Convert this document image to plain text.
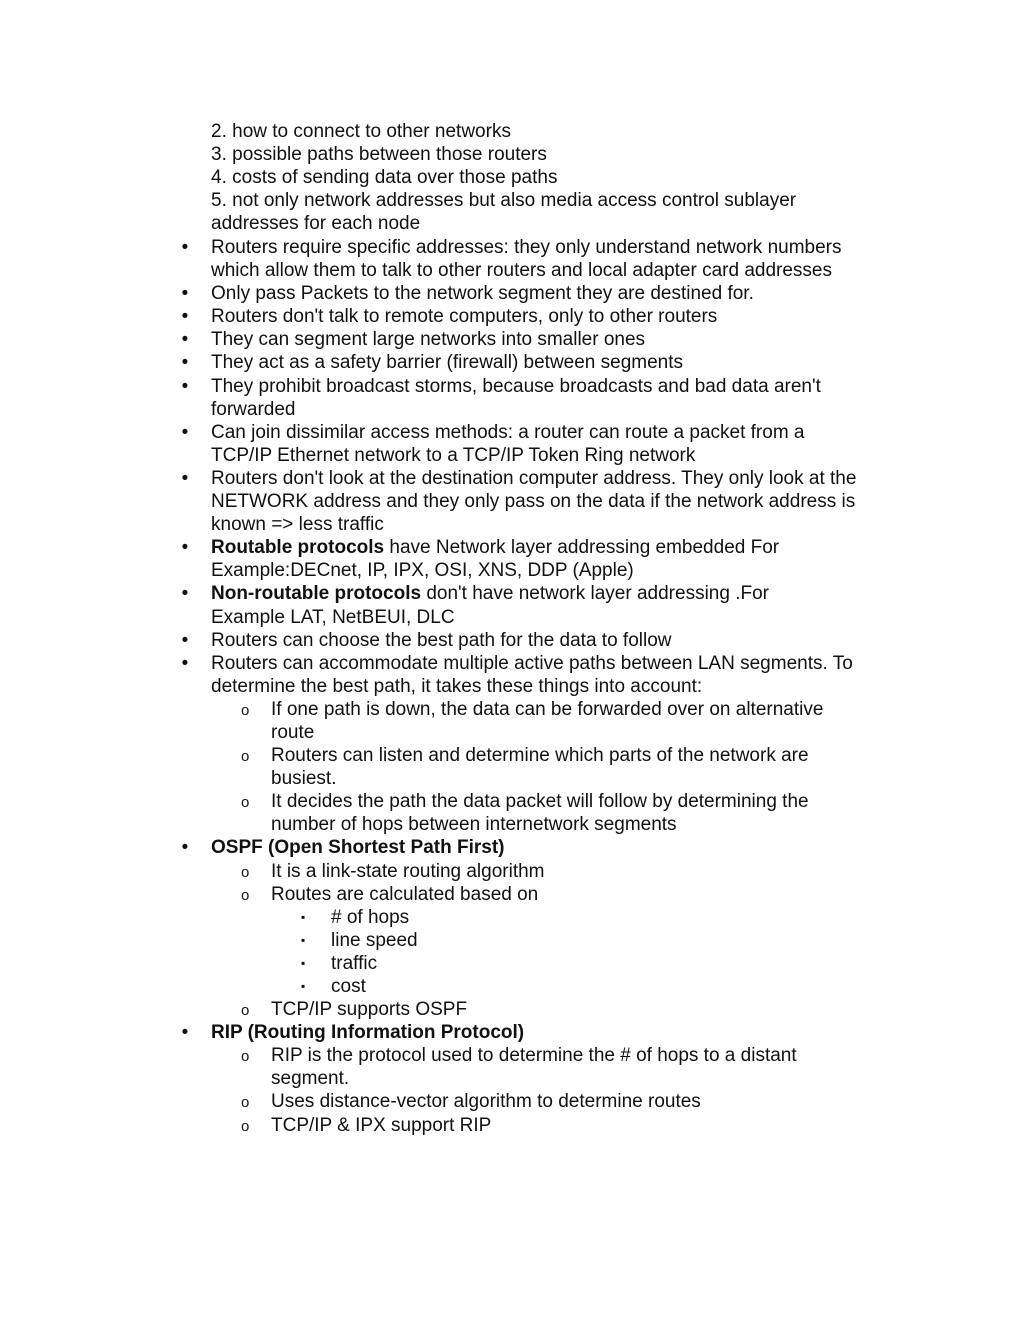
2. how to connect to other networks
3. possible paths between those routers
4. costs of sending data over those paths
5. not only network addresses but also media access control sublayer
addresses for each node
• Routers require specific addresses: they only understand network numbers which allow them to talk to other routers and local adapter card addresses
• Only pass Packets to the network segment they are destined for.
• Routers don't talk to remote computers, only to other routers
• They can segment large networks into smaller ones
• They act as a safety barrier (firewall) between segments
• They prohibit broadcast storms, because broadcasts and bad data aren't forwarded
• Can join dissimilar access methods: a router can route a packet from a TCP/IP Ethernet network to a TCP/IP Token Ring network
• Routers don't look at the destination computer address. They only look at the NETWORK address and they only pass on the data if the network address is known => less traffic
• Routable protocols have Network layer addressing embedded For Example:DECnet, IP, IPX, OSI, XNS, DDP (Apple)
• Non-routable protocols don't have network layer addressing .For Example LAT, NetBEUI, DLC
• Routers can choose the best path for the data to follow
• Routers can accommodate multiple active paths between LAN segments. To determine the best path, it takes these things into account:
o If one path is down, the data can be forwarded over on alternative route
o Routers can listen and determine which parts of the network are busiest.
o It decides the path the data packet will follow by determining the number of hops between internetwork segments
• OSPF (Open Shortest Path First)
o It is a link-state routing algorithm
o Routes are calculated based on
▪ # of hops
▪ line speed
▪ traffic
▪ cost
o TCP/IP supports OSPF
• RIP (Routing Information Protocol)
o RIP is the protocol used to determine the # of hops to a distant segment.
o Uses distance-vector algorithm to determine routes
o TCP/IP & IPX support RIP
